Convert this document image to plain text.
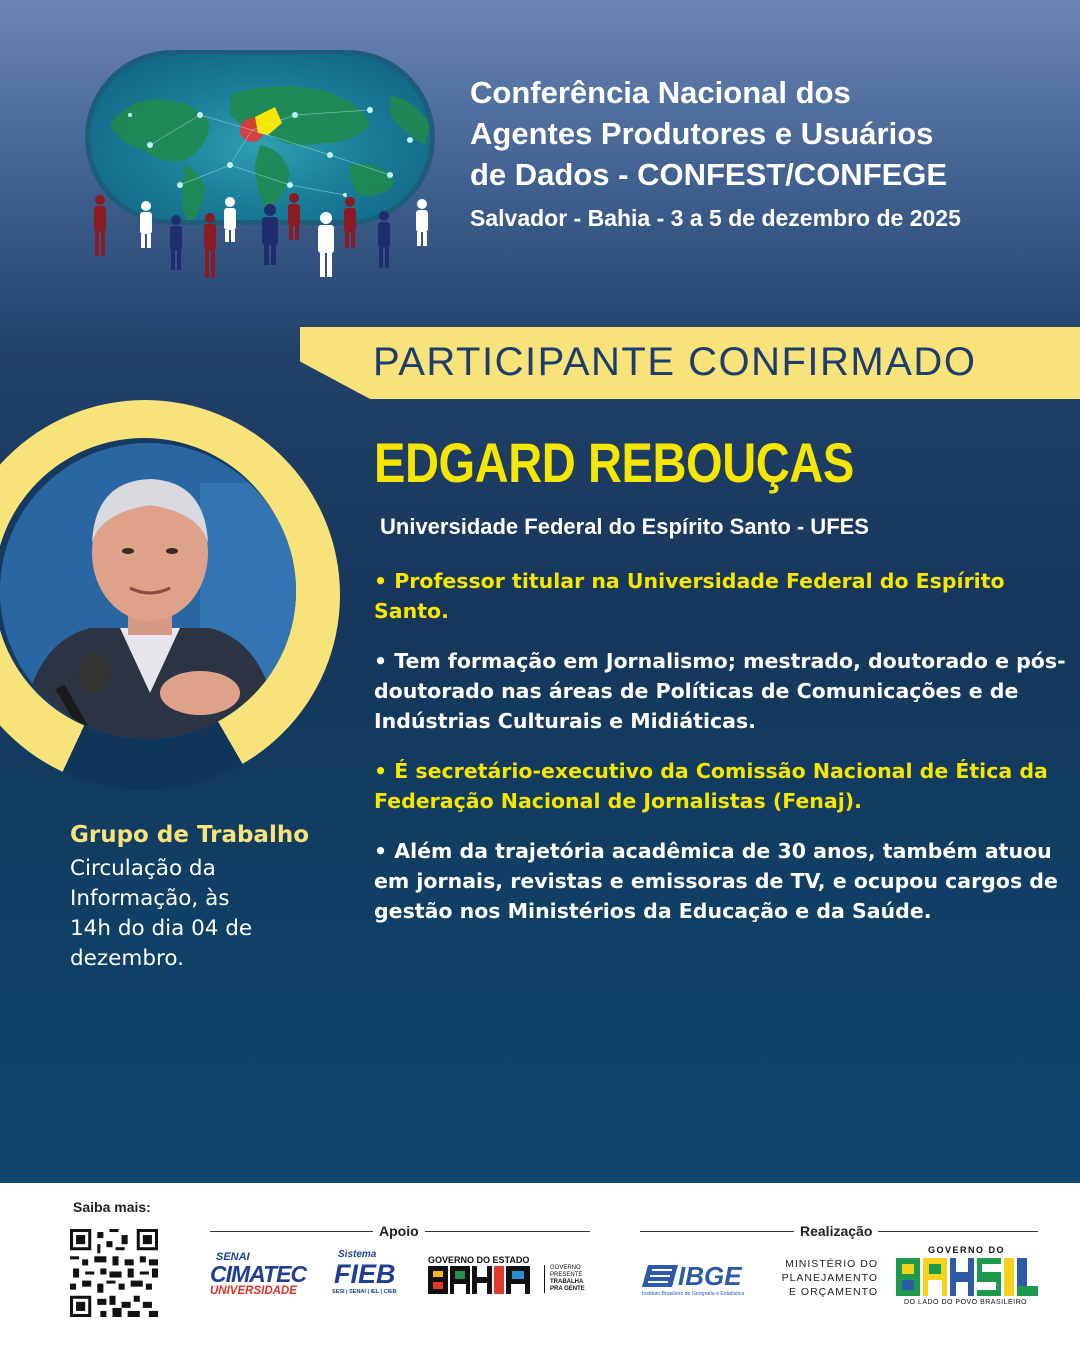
Conferência Nacional dos
Agentes Produtores e Usuários
de Dados - CONFEST/CONFEGE
Salvador - Bahia - 3 a 5 de dezembro de 2025
PARTICIPANTE CONFIRMADO
Grupo de Trabalho
Circulação da
Informação, às
14h do dia 04 de
dezembro.
EDGARD REBOUÇAS
Universidade Federal do Espírito Santo - UFES
• Professor titular na Universidade Federal do Espírito Santo.
• Tem formação em Jornalismo; mestrado, doutorado e pós-doutorado nas áreas de Políticas de Comunicações e de Indústrias Culturais e Midiáticas.
• É secretário-executivo da Comissão Nacional de Ética da Federação Nacional de Jornalistas (Fenaj).
• Além da trajetória acadêmica de 30 anos, também atuou em jornais, revistas e emissoras de TV, e ocupou cargos de gestão nos Ministérios da Educação e da Saúde.
Saiba mais:
Apoio
SENAI
CIMATEC
UNIVERSIDADE
Sistema
FIEB
SESI | SENAI | IEL | CIEB
GOVERNO DO ESTADO
GOVERNO
PRESENTE
TRABALHA
PRA GENTE
Realização
IBGE
Instituto Brasileiro de Geografia e Estatística
MINISTÉRIO DO
PLANEJAMENTO
E ORÇAMENTO
GOVERNO DO
DO LADO DO POVO BRASILEIRO
